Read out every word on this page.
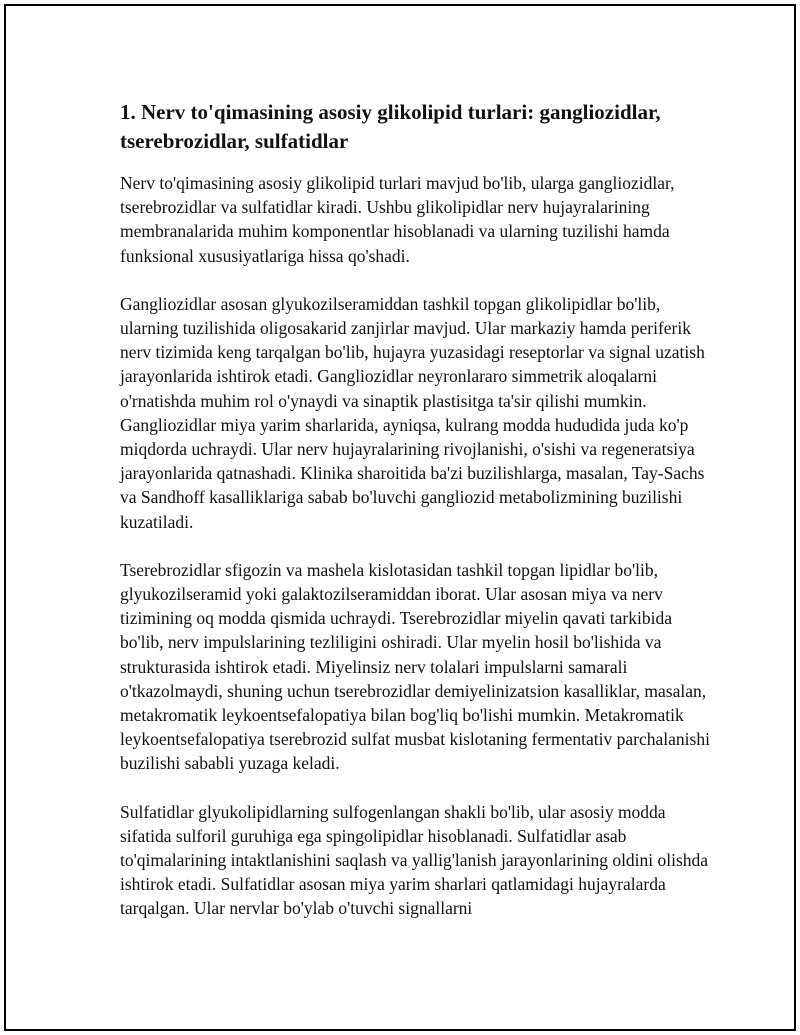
1. Nerv to'qimasining asosiy glikolipid turlari: gangliozidlar, tserebrozidlar, sulfatidlar

Nerv to'qimasining asosiy glikolipid turlari mavjud bo'lib, ularga gangliozidlar, tserebrozidlar va sulfatidlar kiradi. Ushbu glikolipidlar nerv hujayralarining membranalarida muhim komponentlar hisoblanadi va ularning tuzilishi hamda funksional xususiyatlariga hissa qo'shadi.

Gangliozidlar asosan glyukozilseramiddan tashkil topgan glikolipidlar bo'lib, ularning tuzilishida oligosakarid zanjirlar mavjud. Ular markaziy hamda periferik nerv tizimida keng tarqalgan bo'lib, hujayra yuzasidagi reseptorlar va signal uzatish jarayonlarida ishtirok etadi. Gangliozidlar neyronlararo simmetrik aloqalarni o'rnatishda muhim rol o'ynaydi va sinaptik plastisitga ta'sir qilishi mumkin. Gangliozidlar miya yarim sharlarida, ayniqsa, kulrang modda hududida juda ko'p miqdorda uchraydi. Ular nerv hujayralarining rivojlanishi, o'sishi va regeneratsiya jarayonlarida qatnashadi. Klinika sharoitida ba'zi buzilishlarga, masalan, Tay-Sachs va Sandhoff kasalliklariga sabab bo'luvchi gangliozid metabolizmining buzilishi kuzatiladi.

Tserebrozidlar sfigozin va mashela kislotasidan tashkil topgan lipidlar bo'lib, glyukozilseramid yoki galaktozilseramiddan iborat. Ular asosan miya va nerv tizimining oq modda qismida uchraydi. Tserebrozidlar miyelin qavati tarkibida bo'lib, nerv impulslarining tezliligini oshiradi. Ular myelin hosil bo'lishida va strukturasida ishtirok etadi. Miyelinsiz nerv tolalari impulslarni samarali o'tkazolmaydi, shuning uchun tserebrozidlar demiyelinizatsion kasalliklar, masalan, metakromatik leykoentsefalopatiya bilan bog'liq bo'lishi mumkin. Metakromatik leykoentsefalopatiya tserebrozid sulfat musbat kislotaning fermentativ parchalanishi buzilishi sababli yuzaga keladi.

Sulfatidlar glyukolipidlarning sulfogenlangan shakli bo'lib, ular asosiy modda sifatida sulforil guruhiga ega spingolipidlar hisoblanadi. Sulfatidlar asab to'qimalarining intaktlanishini saqlash va yallig'lanish jarayonlarining oldini olishda ishtirok etadi. Sulfatidlar asosan miya yarim sharlari qatlamidagi hujayralarda tarqalgan. Ular nervlar bo'ylab o'tuvchi signallarni
